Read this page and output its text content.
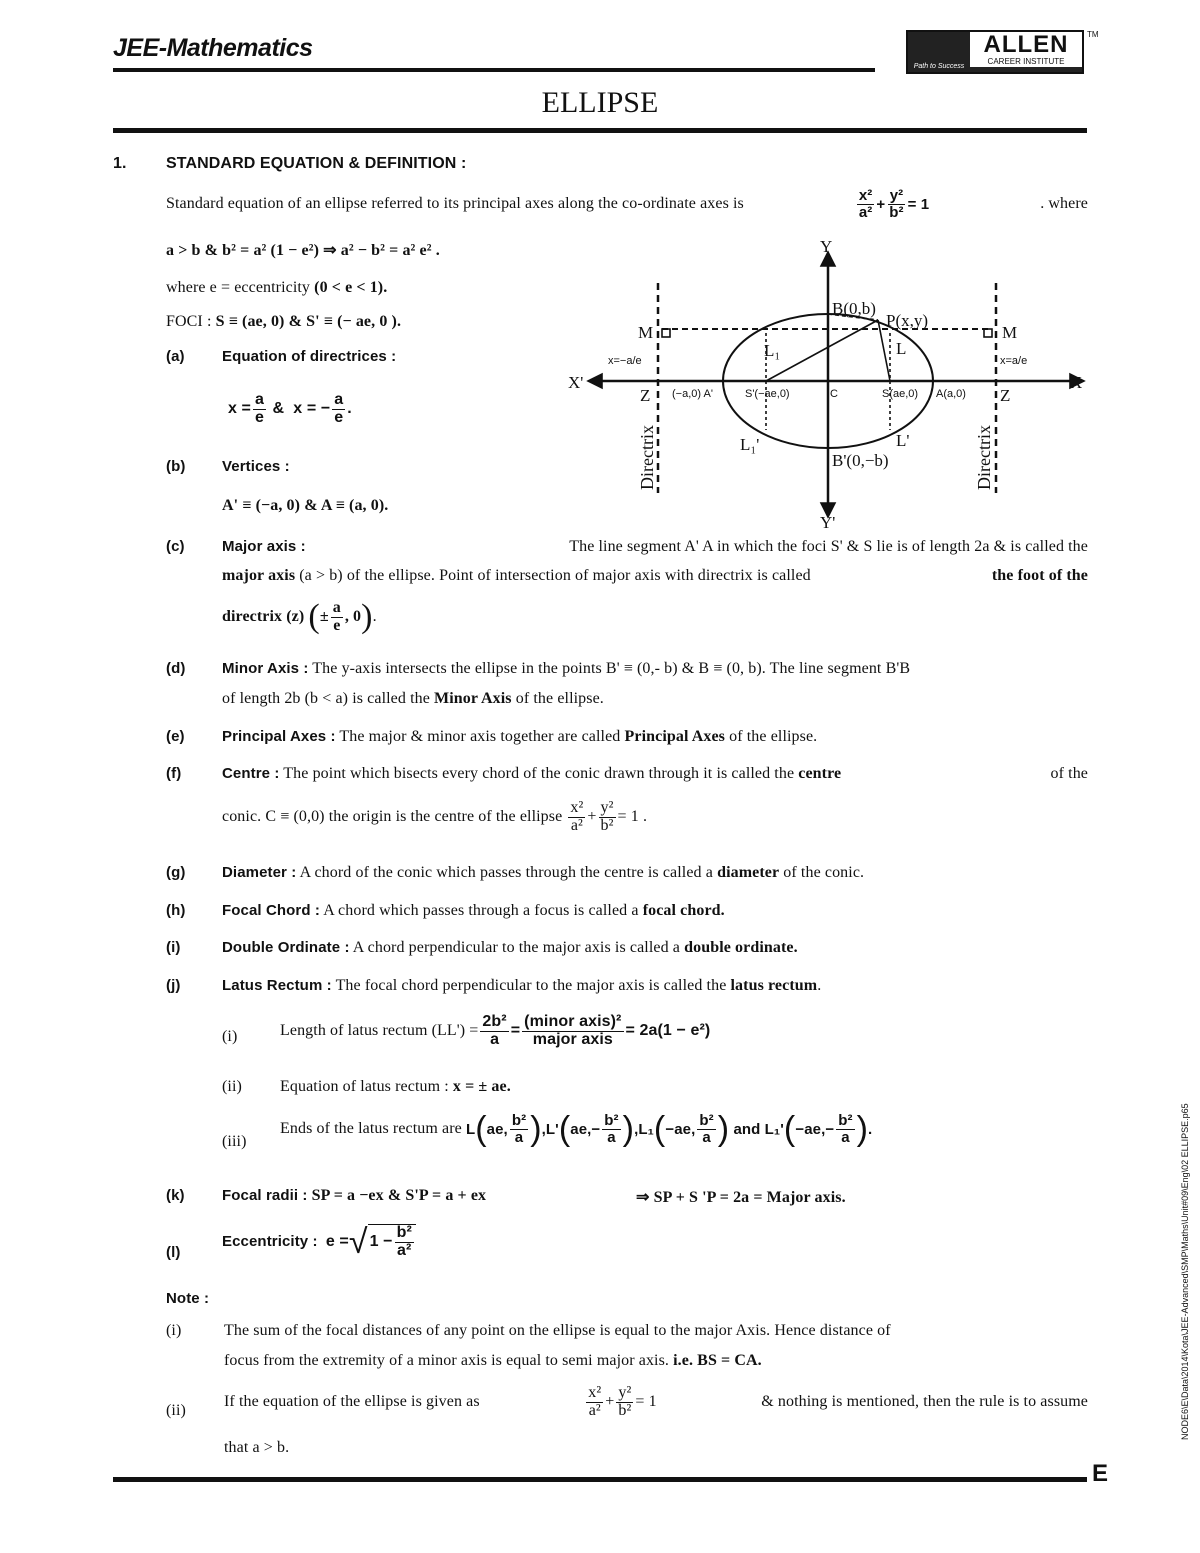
JEE-Mathematics
Path to Success
ALLEN
CAREER INSTITUTE
TM
ELLIPSE
1. STANDARD EQUATION & DEFINITION :
Standard equation of an ellipse referred to its principal axes along the co-ordinate axes is	$\frac{\text{x²}}{\text{a²}} + \frac{\text{y²}}{\text{b²}} = 1$	. where
a > b & b² = a² (1 − e²) ⇒ a² − b² = a² e² .
where e = eccentricity (0 < e < 1).
FOCI : S ≡ (ae, 0) & S' ≡ (− ae, 0 ).
(a) Equation of directrices :
$x = \frac{a}{e}$ &  x = − $\frac{a}{e}$ .
(b) Vertices :
A' ≡ (−a, 0) & A ≡ (a, 0).
Y
Y'
X'	X
B(0,b)
B'(0,−b)
P(x,y)
M	M
Z	Z
L₁	L
L₁'	L'
(−a,0) A'	S'(−ae,0)	C	S(ae,0) A(a,0)
x=−a/e	x=a/e
Directrix	Directrix
(c) Major axis :	The line segment A' A in which the foci S' & S lie is of length 2a & is called the
major axis (a > b) of the ellipse. Point of intersection of major axis with directrix is called	the foot of the
directrix (z)
( ± $\frac{a}{e}$ , 0 ) .
(d) Minor Axis : The y-axis intersects the ellipse in the points B' ≡ (0,- b) & B ≡ (0, b). The line segment B'B
of length 2b (b < a) is called the Minor Axis of the ellipse.
(e) Principal Axes : The major & minor axis together are called Principal Axes of the ellipse.
(f)	Centre : The point which bisects every chord of the conic drawn through it is called the centre	of the
conic. C ≡ (0,0) the origin is the centre of the ellipse
$\frac{\text{x²}}{\text{a²}} + \frac{\text{y²}}{\text{b²}} = 1$ .
(g) Diameter : A chord of the conic which passes through the centre is called a diameter of the conic.
(h) Focal Chord : A chord which passes through a focus is called a focal chord.
(i)	Double Ordinate : A chord perpendicular to the major axis is called a double ordinate.
(j)	Latus Rectum : The focal chord perpendicular to the major axis is called the latus rectum.
(i)	Length of latus rectum $(LL') = \frac{\text{2b²}}{a} = \frac{\text{(minor axis)²}}{\text{major axis}} = 2a(1 - e^2)$
(ii) Equation of latus rectum : x = ± ae.
(iii)
Ends of the latus rectum are
L ( ae, $\frac{\text{b²}}{a}$ ) ,L' ( $ae,- \frac{\text{b²}}{a}$ ) ,L₁ ( −ae, $\frac{\text{b²}}{a}$ ) and L₁' ( $-ae,- \frac{\text{b²}}{a}$ ) .
(k) Focal radii : SP = a −ex & S'P = a + ex	⇒ SP + S 'P = 2a = Major axis.
(l)
Eccentricity :
e = √ $1 - \frac{\text{b²}}{\text{a²}}$
Note :
(i)	The sum of the focal distances of any point on the ellipse is equal to the major Axis. Hence distance of
focus from the extremity of a minor axis is equal to semi major axis. i.e. BS = CA.
(ii)
If the equation of the ellipse is given as	$\frac{\text{x²}}{\text{a²}} + \frac{\text{y²}}{\text{b²}} = 1$	& nothing is mentioned, then the rule is to assume
that a > b.
E
NODE6\E\Data\2014\Kota\JEE-Advanced\SMP\Maths\Unit#09\Eng\02 ELLIPSE.p65
